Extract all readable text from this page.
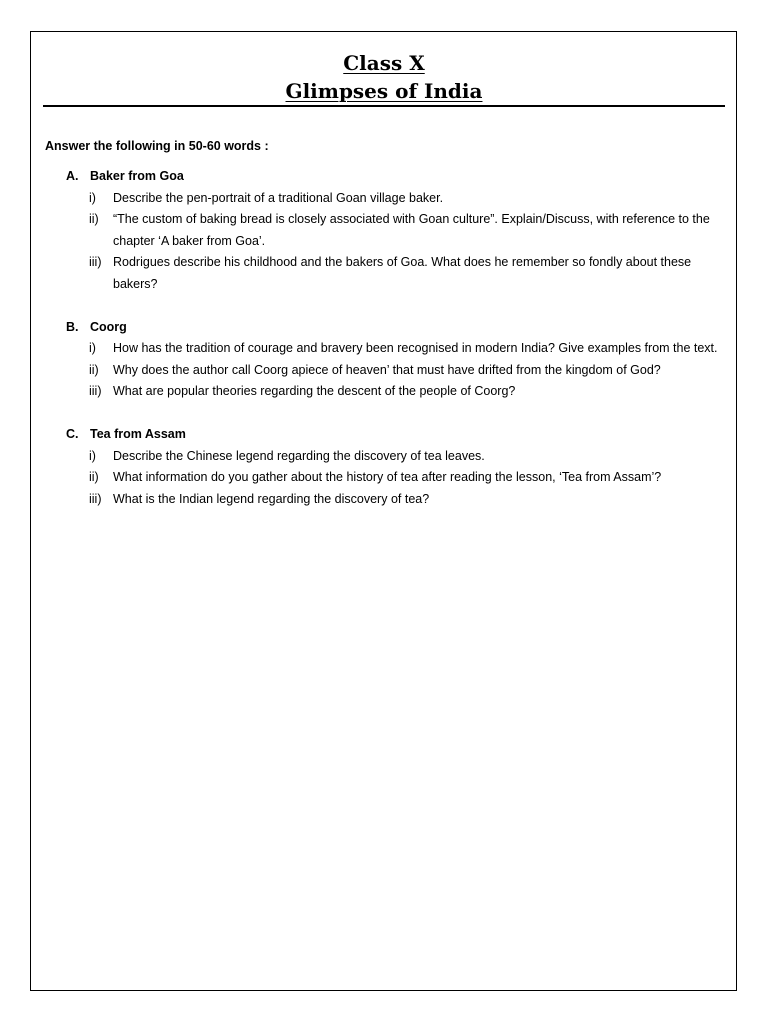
Class X
Glimpses of India
Answer the following in 50-60 words :
A. Baker from Goa
i)	Describe the pen-portrait of a traditional Goan village baker.
ii)	“The custom of baking bread is closely associated with Goan culture”. Explain/Discuss, with reference to the chapter ‘A baker from Goa’.
iii) Rodrigues describe his childhood and the bakers of Goa. What does he remember so fondly about these bakers?
B. Coorg
i)	How has the tradition of courage and bravery been recognised in modern India? Give examples from the text.
ii)	Why does the author call Coorg apiece of heaven’ that must have drifted from the kingdom of God?
iii) What are popular theories regarding the descent of the people of Coorg?
C. Tea from Assam
i)	Describe the Chinese legend regarding the discovery of tea leaves.
ii)	What information do you gather about the history of tea after reading the lesson, ‘Tea from Assam’?
iii) What is the Indian legend regarding the discovery of tea?
